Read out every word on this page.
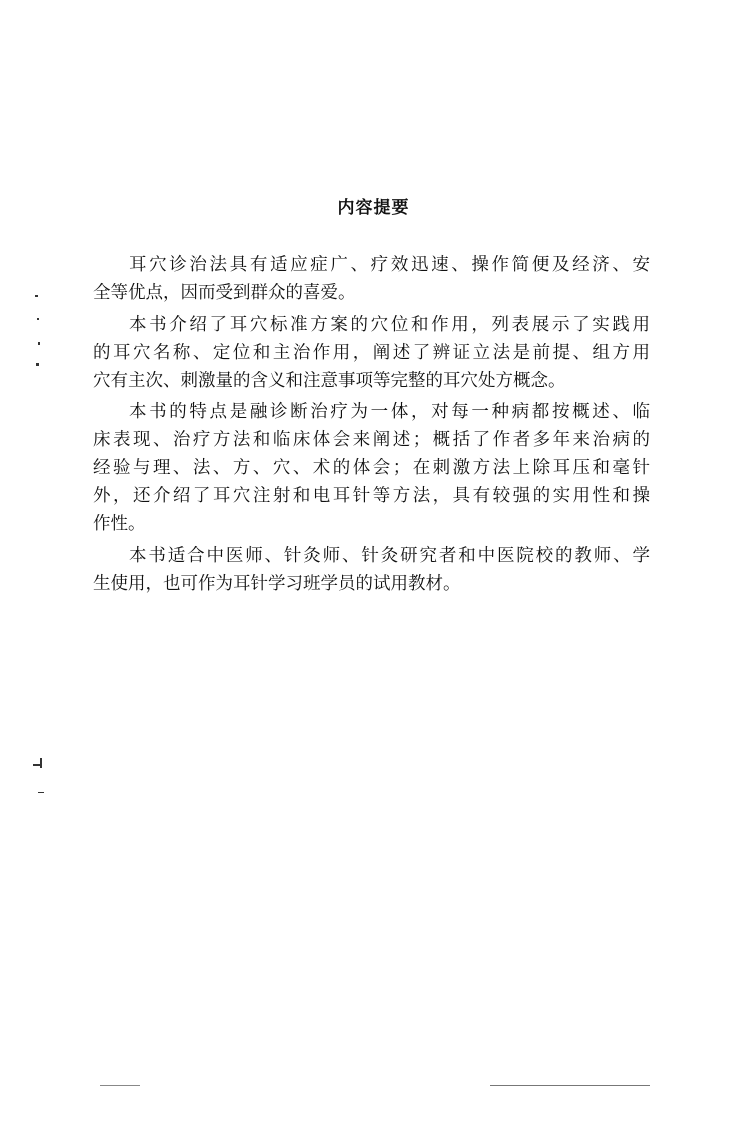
内容提要
耳穴诊治法具有适应症广、疗效迅速、操作简便及经济、安
全等优点，因而受到群众的喜爱。
本书介绍了耳穴标准方案的穴位和作用，列表展示了实践用
的耳穴名称、定位和主治作用，阐述了辨证立法是前提、组方用
穴有主次、刺激量的含义和注意事项等完整的耳穴处方概念。
本书的特点是融诊断治疗为一体，对每一种病都按概述、临
床表现、治疗方法和临床体会来阐述；概括了作者多年来治病的
经验与理、法、方、穴、术的体会；在刺激方法上除耳压和毫针
外，还介绍了耳穴注射和电耳针等方法，具有较强的实用性和操
作性。
本书适合中医师、针灸师、针灸研究者和中医院校的教师、学
生使用，也可作为耳针学习班学员的试用教材。
